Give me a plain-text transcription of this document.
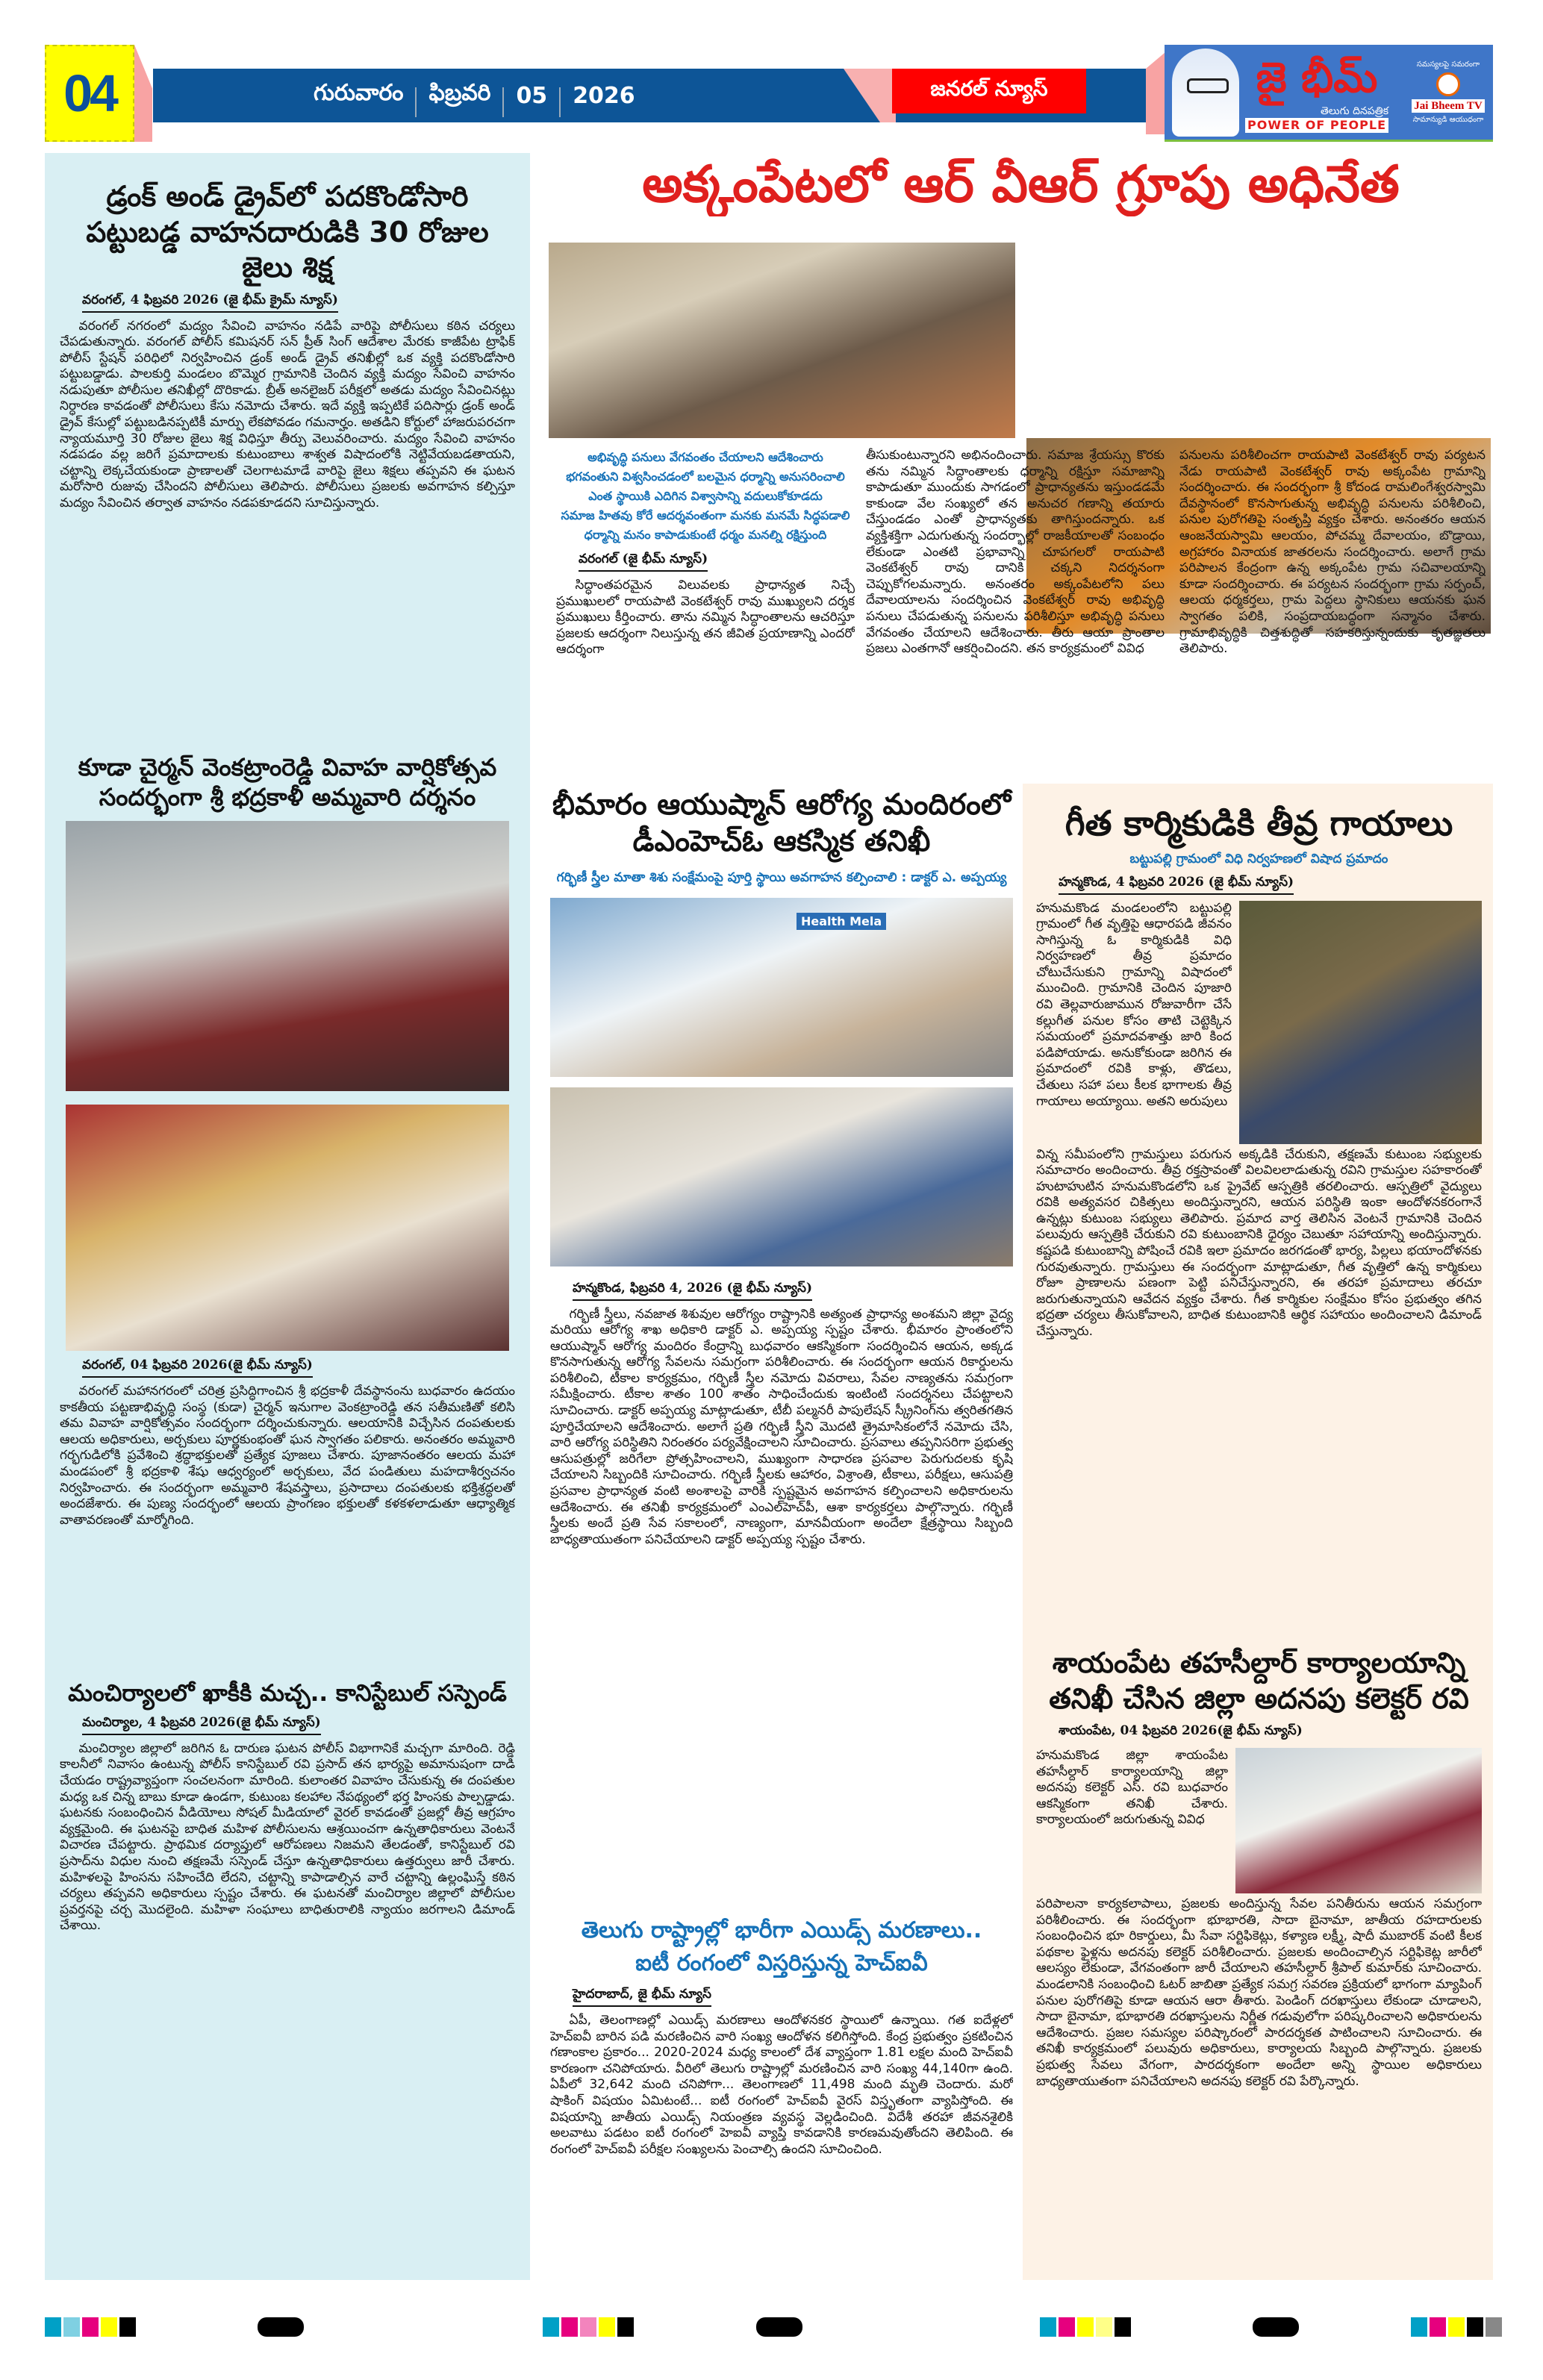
04	గురువారం ఫిబ్రవరి 05 2026	జనరల్ న్యూస్	జై భీమ్
తెలుగు దినపత్రిక
POWER OF PEOPLE
సమస్యలపై సమరంగా
Jai Bheem TV
సామాన్యుడి ఆయుధంగా
డ్రంక్ అండ్ డ్రైవ్‌లో పదకొండోసారి పట్టుబడ్డ వాహనదారుడికి 30 రోజుల జైలు శిక్ష
వరంగల్, 4 ఫిబ్రవరి 2026 (జై భీమ్ క్రైమ్ న్యూస్)
వరంగల్ నగరంలో మద్యం సేవించి వాహనం నడిపే వారిపై పోలీసులు కఠిన చర్యలు చేపడుతున్నారు. వరంగల్ పోలీస్ కమిషనర్ సన్ ప్రీత్ సింగ్ ఆదేశాల మేరకు కాజీపేట ట్రాఫిక్ పోలీస్ స్టేషన్ పరిధిలో నిర్వహించిన డ్రంక్ అండ్ డ్రైవ్ తనిఖీల్లో ఒక వ్యక్తి పదకొండోసారి పట్టుబడ్డాడు. పాలకుర్తి మండలం బొమ్మెర గ్రామానికి చెందిన వ్యక్తి మద్యం సేవించి వాహనం నడుపుతూ పోలీసుల తనిఖీల్లో దొరికాడు. బ్రీత్ అనలైజర్ పరీక్షలో అతడు మద్యం సేవించినట్లు నిర్ధారణ కావడంతో పోలీసులు కేసు నమోదు చేశారు. ఇదే వ్యక్తి ఇప్పటికే పదిసార్లు డ్రంక్ అండ్ డ్రైవ్ కేసుల్లో పట్టుబడినప్పటికీ మార్పు లేకపోవడం గమనార్హం. అతడిని కోర్టులో హాజరుపరచగా న్యాయమూర్తి 30 రోజుల జైలు శిక్ష విధిస్తూ తీర్పు వెలువరించారు. మద్యం సేవించి వాహనం నడపడం వల్ల జరిగే ప్రమాదాలకు కుటుంబాలు శాశ్వత విషాదంలోకి నెట్టివేయబడతాయని, చట్టాన్ని లెక్కచేయకుండా ప్రాణాలతో చెలగాటమాడే వారిపై జైలు శిక్షలు తప్పవని ఈ ఘటన మరోసారి రుజువు చేసిందని పోలీసులు తెలిపారు. పోలీసులు ప్రజలకు అవగాహన కల్పిస్తూ మద్యం సేవించిన తర్వాత వాహనం నడపకూడదని సూచిస్తున్నారు.
కూడా చైర్మన్ వెంకట్రాంరెడ్డి వివాహ వార్షికోత్సవ సందర్భంగా శ్రీ భద్రకాళీ అమ్మవారి దర్శనం
వరంగల్, 04 ఫిబ్రవరి 2026(జై భీమ్ న్యూస్)
వరంగల్ మహానగరంలో చరిత్ర ప్రసిద్ధిగాంచిన శ్రీ భద్రకాళీ దేవస్థానంను బుధవారం ఉదయం కాకతీయ పట్టణాభివృద్ధి సంస్థ (కుడా) చైర్మన్ ఇనుగాల వెంకట్రాంరెడ్డి తన సతీమణితో కలిసి తమ వివాహ వార్షికోత్సవం సందర్భంగా దర్శించుకున్నారు. ఆలయానికి విచ్చేసిన దంపతులకు ఆలయ అధికారులు, అర్చకులు పూర్ణకుంభంతో ఘన స్వాగతం పలికారు. అనంతరం అమ్మవారి గర్భగుడిలోకి ప్రవేశించి శ్రద్ధాభక్తులతో ప్రత్యేక పూజలు చేశారు. పూజానంతరం ఆలయ మహా మండపంలో శ్రీ భద్రకాళి శేషు ఆధ్వర్యంలో అర్చకులు, వేద పండితులు మహదాశీర్వచనం నిర్వహించారు. ఈ సందర్భంగా అమ్మవారి శేషవస్త్రాలు, ప్రసాదాలు దంపతులకు భక్తిశ్రద్ధలతో అందజేశారు. ఈ పుణ్య సందర్భంలో ఆలయ ప్రాంగణం భక్తులతో కళకళలాడుతూ ఆధ్యాత్మిక వాతావరణంతో మార్మోగింది.
మంచిర్యాలలో ఖాకీకి మచ్చ.. కానిస్టేబుల్ సస్పెండ్
మంచిర్యాల, 4 ఫిబ్రవరి 2026(జై భీమ్ న్యూస్)
మంచిర్యాల జిల్లాలో జరిగిన ఓ దారుణ ఘటన పోలీస్ విభాగానికే మచ్చగా మారింది. రెడ్డి కాలనీలో నివాసం ఉంటున్న పోలీస్ కానిస్టేబుల్ రవి ప్రసాద్ తన భార్యపై అమానుషంగా దాడి చేయడం రాష్ట్రవ్యాప్తంగా సంచలనంగా మారింది. కులాంతర వివాహం చేసుకున్న ఈ దంపతుల మధ్య ఒక చిన్న బాబు కూడా ఉండగా, కుటుంబ కలహాల నేపథ్యంలో భర్త హింసకు పాల్పడ్డాడు. ఘటనకు సంబంధించిన వీడియోలు సోషల్ మీడియాలో వైరల్ కావడంతో ప్రజల్లో తీవ్ర ఆగ్రహం వ్యక్తమైంది. ఈ ఘటనపై బాధిత మహిళ పోలీసులను ఆశ్రయించగా ఉన్నతాధికారులు వెంటనే విచారణ చేపట్టారు. ప్రాథమిక దర్యాప్తులో ఆరోపణలు నిజమని తేలడంతో, కానిస్టేబుల్ రవి ప్రసాద్‌ను విధుల నుంచి తక్షణమే సస్పెండ్ చేస్తూ ఉన్నతాధికారులు ఉత్తర్వులు జారీ చేశారు. మహిళలపై హింసను సహించేది లేదని, చట్టాన్ని కాపాడాల్సిన వారే చట్టాన్ని ఉల్లంఘిస్తే కఠిన చర్యలు తప్పవని అధికారులు స్పష్టం చేశారు. ఈ ఘటనతో మంచిర్యాల జిల్లాలో పోలీసుల ప్రవర్తనపై చర్చ మొదలైంది. మహిళా సంఘాలు బాధితురాలికి న్యాయం జరగాలని డిమాండ్ చేశాయి.
అక్కంపేటలో ఆర్ వీఆర్ గ్రూపు అధినేత
అభివృద్ధి పనులు వేగవంతం చేయాలని ఆదేశించారు
భగవంతుని విశ్వసించడంలో బలమైన ధర్మాన్ని అనుసరించాలి
ఎంత స్థాయికి ఎదిగిన విశ్వాసాన్ని వదులుకోకూడదు
సమాజ హితవు కోరే ఆదర్శవంతంగా మనకు మనమే సిద్ధపడాలి
ధర్మాన్ని మనం కాపాడుకుంటే ధర్మం మనల్ని రక్షిస్తుంది
వరంగల్ (జై భీమ్ న్యూస్)
సిద్ధాంతపరమైన విలువలకు ప్రాధాన్యత నిచ్చే ప్రముఖులలో రాయపాటి వెంకటేశ్వర్ రావు ముఖ్యులని దర్శక ప్రముఖులు కీర్తించారు. తాను నమ్మిన సిద్ధాంతాలను ఆచరిస్తూ ప్రజలకు ఆదర్శంగా నిలుస్తున్న తన జీవిత ప్రయాణాన్ని ఎందరో ఆదర్శంగా
తీసుకుంటున్నారని అభినందించారు. సమాజ శ్రేయస్సు కొరకు తను నమ్మిన సిద్ధాంతాలకు ధర్మాన్ని రక్షిస్తూ సమాజాన్ని కాపాడుతూ ముందుకు సాగడంలో ప్రాధాన్యతను ఇస్తుండడమే కాకుండా వేల సంఖ్యలో తన అనుచర గణాన్ని తయారు చేస్తుండడం ఎంతో ప్రాధాన్యతకు తాగిస్తుందన్నారు. ఒక వ్యక్తిశక్తిగా ఎదుగుతున్న సందర్భాల్లో రాజకీయాలతో సంబంధం లేకుండా ఎంతటి ప్రభావాన్ని చూపగలరో రాయపాటి వెంకటేశ్వర్ రావు దానికి చక్కని నిదర్శనంగా చెప్పుకోగలమన్నారు. అనంతరం అక్కంపేటలోని పలు దేవాలయాలను సందర్శించిన వెంకటేశ్వర్ రావు అభివృద్ధి పనులు చేపడుతున్న పనులను పరిశీలిస్తూ అభివృద్ధి పనులు వేగవంతం చేయాలని ఆదేశించారు. తీరు ఆయా ప్రాంతాల ప్రజలు ఎంతగానో ఆకర్షించిందని. తన కార్యక్రమంలో వివిధ
పనులను పరిశీలించగా రాయపాటి వెంకటేశ్వర్ రావు పర్యటన నేడు రాయపాటి వెంకటేశ్వర్ రావు అక్కంపేట గ్రామాన్ని సందర్శించారు. ఈ సందర్భంగా శ్రీ కోదండ రామలింగేశ్వరస్వామి దేవస్థానంలో కొనసాగుతున్న అభివృద్ధి పనులను పరిశీలించి, పనుల పురోగతిపై సంతృప్తి వ్యక్తం చేశారు. అనంతరం ఆయన ఆంజనేయస్వామి ఆలయం, పోచమ్మ దేవాలయం, బొడ్రాయి, అగ్రహారం వినాయక జాతరలను సందర్శించారు. అలాగే గ్రామ పరిపాలన కేంద్రంగా ఉన్న అక్కంపేట గ్రామ సచివాలయాన్ని కూడా సందర్శించారు. ఈ పర్యటన సందర్భంగా గ్రామ సర్పంచ్, ఆలయ ధర్మకర్తలు, గ్రామ పెద్దలు స్థానికులు ఆయనకు ఘన స్వాగతం పలికి, సంప్రదాయబద్ధంగా సన్మానం చేశారు. గ్రామాభివృద్ధికి చిత్తశుద్ధితో సహకరిస్తున్నందుకు కృతజ్ఞతలు తెలిపారు.
భీమారం ఆయుష్మాన్ ఆరోగ్య మందిరంలో డీఎంహెచ్ఓ ఆకస్మిక తనిఖీ
గర్భిణీ స్త్రీల మాతా శిశు సంక్షేమంపై పూర్తి స్థాయి అవగాహన కల్పించాలి : డాక్టర్ ఎ. అప్పయ్య
Health Mela
హన్మకొండ, ఫిబ్రవరి 4, 2026 (జై భీమ్ న్యూస్)
గర్భిణీ స్త్రీలు, నవజాత శిశువుల ఆరోగ్యం రాష్ట్రానికి అత్యంత ప్రాధాన్య అంశమని జిల్లా వైద్య మరియు ఆరోగ్య శాఖ అధికారి డాక్టర్ ఎ. అప్పయ్య స్పష్టం చేశారు. భీమారం ప్రాంతంలోని ఆయుష్మాన్ ఆరోగ్య మందిరం కేంద్రాన్ని బుధవారం ఆకస్మికంగా సందర్శించిన ఆయన, అక్కడ కొనసాగుతున్న ఆరోగ్య సేవలను సమగ్రంగా పరిశీలించారు. ఈ సందర్భంగా ఆయన రికార్డులను పరిశీలించి, టీకాల కార్యక్రమం, గర్భిణీ స్త్రీల నమోదు వివరాలు, సేవల నాణ్యతను సమగ్రంగా సమీక్షించారు. టీకాల శాతం 100 శాతం సాధించేందుకు ఇంటింటి సందర్శనలు చేపట్టాలని సూచించారు. డాక్టర్ అప్పయ్య మాట్లాడుతూ, టీబీ పల్మనరీ పాపులేషన్ స్క్రీనింగ్‌ను త్వరితగతిన పూర్తిచేయాలని ఆదేశించారు. అలాగే ప్రతి గర్భిణీ స్త్రీని మొదటి త్రైమాసికంలోనే నమోదు చేసి, వారి ఆరోగ్య పరిస్థితిని నిరంతరం పర్యవేక్షించాలని సూచించారు. ప్రసవాలు తప్పనిసరిగా ప్రభుత్వ ఆసుపత్రుల్లో జరిగేలా ప్రోత్సహించాలని, ముఖ్యంగా సాధారణ ప్రసవాల పెరుగుదలకు కృషి చేయాలని సిబ్బందికి సూచించారు. గర్భిణీ స్త్రీలకు ఆహారం, విశ్రాంతి, టీకాలు, పరీక్షలు, ఆసుపత్రి ప్రసవాల ప్రాధాన్యత వంటి అంశాలపై వారికి స్పష్టమైన అవగాహన కల్పించాలని అధికారులను ఆదేశించారు. ఈ తనిఖీ కార్యక్రమంలో ఎంఎల్‌హెచ్‌పీ, ఆశా కార్యకర్తలు పాల్గొన్నారు. గర్భిణీ స్త్రీలకు అందే ప్రతి సేవ సకాలంలో, నాణ్యంగా, మానవీయంగా అందేలా క్షేత్రస్థాయి సిబ్బంది బాధ్యతాయుతంగా పనిచేయాలని డాక్టర్ అప్పయ్య స్పష్టం చేశారు.
తెలుగు రాష్ట్రాల్లో భారీగా ఎయిడ్స్ మరణాలు..
ఐటీ రంగంలో విస్తరిస్తున్న హెచ్ఐవీ
హైదరాబాద్, జై భీమ్ న్యూస్
ఏపీ, తెలంగాణల్లో ఎయిడ్స్ మరణాలు ఆందోళనకర స్థాయిలో ఉన్నాయి. గత ఐదేళ్లలో హెచ్ఐవీ బారిన పడి మరణించిన వారి సంఖ్య ఆందోళన కలిగిస్తోంది. కేంద్ర ప్రభుత్వం ప్రకటించిన గణాంకాల ప్రకారం... 2020-2024 మధ్య కాలంలో దేశ వ్యాప్తంగా 1.81 లక్షల మంది హెచ్ఐవీ కారణంగా చనిపోయారు. వీరిలో తెలుగు రాష్ట్రాల్లో మరణించిన వారి సంఖ్య 44,140గా ఉంది. ఏపీలో 32,642 మంది చనిపోగా... తెలంగాణలో 11,498 మంది మృతి చెందారు. మరో షాకింగ్ విషయం ఏమిటంటే... ఐటీ రంగంలో హెచ్ఐవీ వైరస్ విస్తృతంగా వ్యాపిస్తోంది. ఈ విషయాన్ని జాతీయ ఎయిడ్స్ నియంత్రణ వ్యవస్థ వెల్లడించింది. విదేశీ తరహా జీవనశైలికి అలవాటు పడటం ఐటీ రంగంలో హెఐవీ వ్యాప్తి కావడానికి కారణమవుతోందని తెలిపింది. ఈ రంగంలో హెచ్ఐవీ పరీక్షల సంఖ్యలను పెంచాల్సి ఉందని సూచించింది.
గీత కార్మికుడికి తీవ్ర గాయాలు
బట్టుపల్లి గ్రామంలో విధి నిర్వహణలో విషాద ప్రమాదం
హన్మకొండ, 4 ఫిబ్రవరి 2026 (జై భీమ్ న్యూస్)
హనుమకొండ మండలంలోని బట్టుపల్లి గ్రామంలో గీత వృత్తిపై ఆధారపడి జీవనం సాగిస్తున్న ఓ కార్మికుడికి విధి నిర్వహణలో తీవ్ర ప్రమాదం చోటుచేసుకుని గ్రామాన్ని విషాదంలో ముంచింది. గ్రామానికి చెందిన పూజారి రవి తెల్లవారుజామున రోజువారీగా చేసే కల్లుగీత పనుల కోసం తాటి చెట్టెక్కిన సమయంలో ప్రమాదవశాత్తు జారి కింద పడిపోయాడు. అనుకోకుండా జరిగిన ఈ ప్రమాదంలో రవికి కాళ్లు, తొడలు, చేతులు సహా పలు కీలక భాగాలకు తీవ్ర గాయాలు అయ్యాయి. అతని అరుపులు
విన్న సమీపంలోని గ్రామస్తులు పరుగున అక్కడికి చేరుకుని, తక్షణమే కుటుంబ సభ్యులకు సమాచారం అందించారు. తీవ్ర రక్తస్రావంతో విలవిలలాడుతున్న రవిని గ్రామస్తుల సహకారంతో హుటాహుటిన హనుమకొండలోని ఒక ప్రైవేట్ ఆస్పత్రికి తరలించారు. ఆస్పత్రిలో వైద్యులు రవికి అత్యవసర చికిత్సలు అందిస్తున్నారని, ఆయన పరిస్థితి ఇంకా ఆందోళనకరంగానే ఉన్నట్లు కుటుంబ సభ్యులు తెలిపారు. ప్రమాద వార్త తెలిసిన వెంటనే గ్రామానికి చెందిన పలువురు ఆస్పత్రికి చేరుకుని రవి కుటుంబానికి ధైర్యం చెబుతూ సహాయాన్ని అందిస్తున్నారు. కష్టపడి కుటుంబాన్ని పోషించే రవికి ఇలా ప్రమాదం జరగడంతో భార్య, పిల్లలు భయాందోళనకు గురవుతున్నారు. గ్రామస్తులు ఈ సందర్భంగా మాట్లాడుతూ, గీత వృత్తిలో ఉన్న కార్మికులు రోజూ ప్రాణాలను పణంగా పెట్టి పనిచేస్తున్నారని, ఈ తరహా ప్రమాదాలు తరచూ జరుగుతున్నాయని ఆవేదన వ్యక్తం చేశారు. గీత కార్మికుల సంక్షేమం కోసం ప్రభుత్వం తగిన భద్రతా చర్యలు తీసుకోవాలని, బాధిత కుటుంబానికి ఆర్థిక సహాయం అందించాలని డిమాండ్ చేస్తున్నారు.
శాయంపేట తహసీల్దార్ కార్యాలయాన్ని తనిఖీ చేసిన జిల్లా అదనపు కలెక్టర్ రవి
శాయంపేట, 04 ఫిబ్రవరి 2026(జై భీమ్ న్యూస్)
హనుమకొండ జిల్లా శాయంపేట తహసీల్దార్ కార్యాలయాన్ని జిల్లా అదనపు కలెక్టర్ ఎస్. రవి బుధవారం ఆకస్మికంగా తనిఖీ చేశారు. కార్యాలయంలో జరుగుతున్న వివిధ
పరిపాలనా కార్యకలాపాలు, ప్రజలకు అందిస్తున్న సేవల పనితీరును ఆయన సమగ్రంగా పరిశీలించారు. ఈ సందర్భంగా భూభారతి, సాదా బైనామా, జాతీయ రహదారులకు సంబంధించిన భూ రికార్డులు, మీ సేవా సర్టిఫికెట్లు, కళ్యాణ లక్ష్మీ, షాదీ ముబారక్ వంటి కీలక పథకాల ఫైళ్లను అదనపు కలెక్టర్ పరిశీలించారు. ప్రజలకు అందించాల్సిన సర్టిఫికెట్ల జారీలో ఆలస్యం లేకుండా, వేగవంతంగా జారీ చేయాలని తహసీల్దార్ శ్రీపాల్ కుమార్‌కు సూచించారు. మండలానికి సంబంధించి ఓటర్ జాబితా ప్రత్యేక సమగ్ర సవరణ ప్రక్రియలో భాగంగా మ్యాపింగ్ పనుల పురోగతిపై కూడా ఆయన ఆరా తీశారు. పెండింగ్ దరఖాస్తులు లేకుండా చూడాలని, సాదా బైనామా, భూభారతి దరఖాస్తులను నిర్ణీత గడువులోగా పరిష్కరించాలని అధికారులను ఆదేశించారు. ప్రజల సమస్యల పరిష్కారంలో పారదర్శకత పాటించాలని సూచించారు. ఈ తనిఖీ కార్యక్రమంలో పలువురు అధికారులు, కార్యాలయ సిబ్బంది పాల్గొన్నారు. ప్రజలకు ప్రభుత్వ సేవలు వేగంగా, పారదర్శకంగా అందేలా అన్ని స్థాయిల అధికారులు బాధ్యతాయుతంగా పనిచేయాలని అదనపు కలెక్టర్ రవి పేర్కొన్నారు.
